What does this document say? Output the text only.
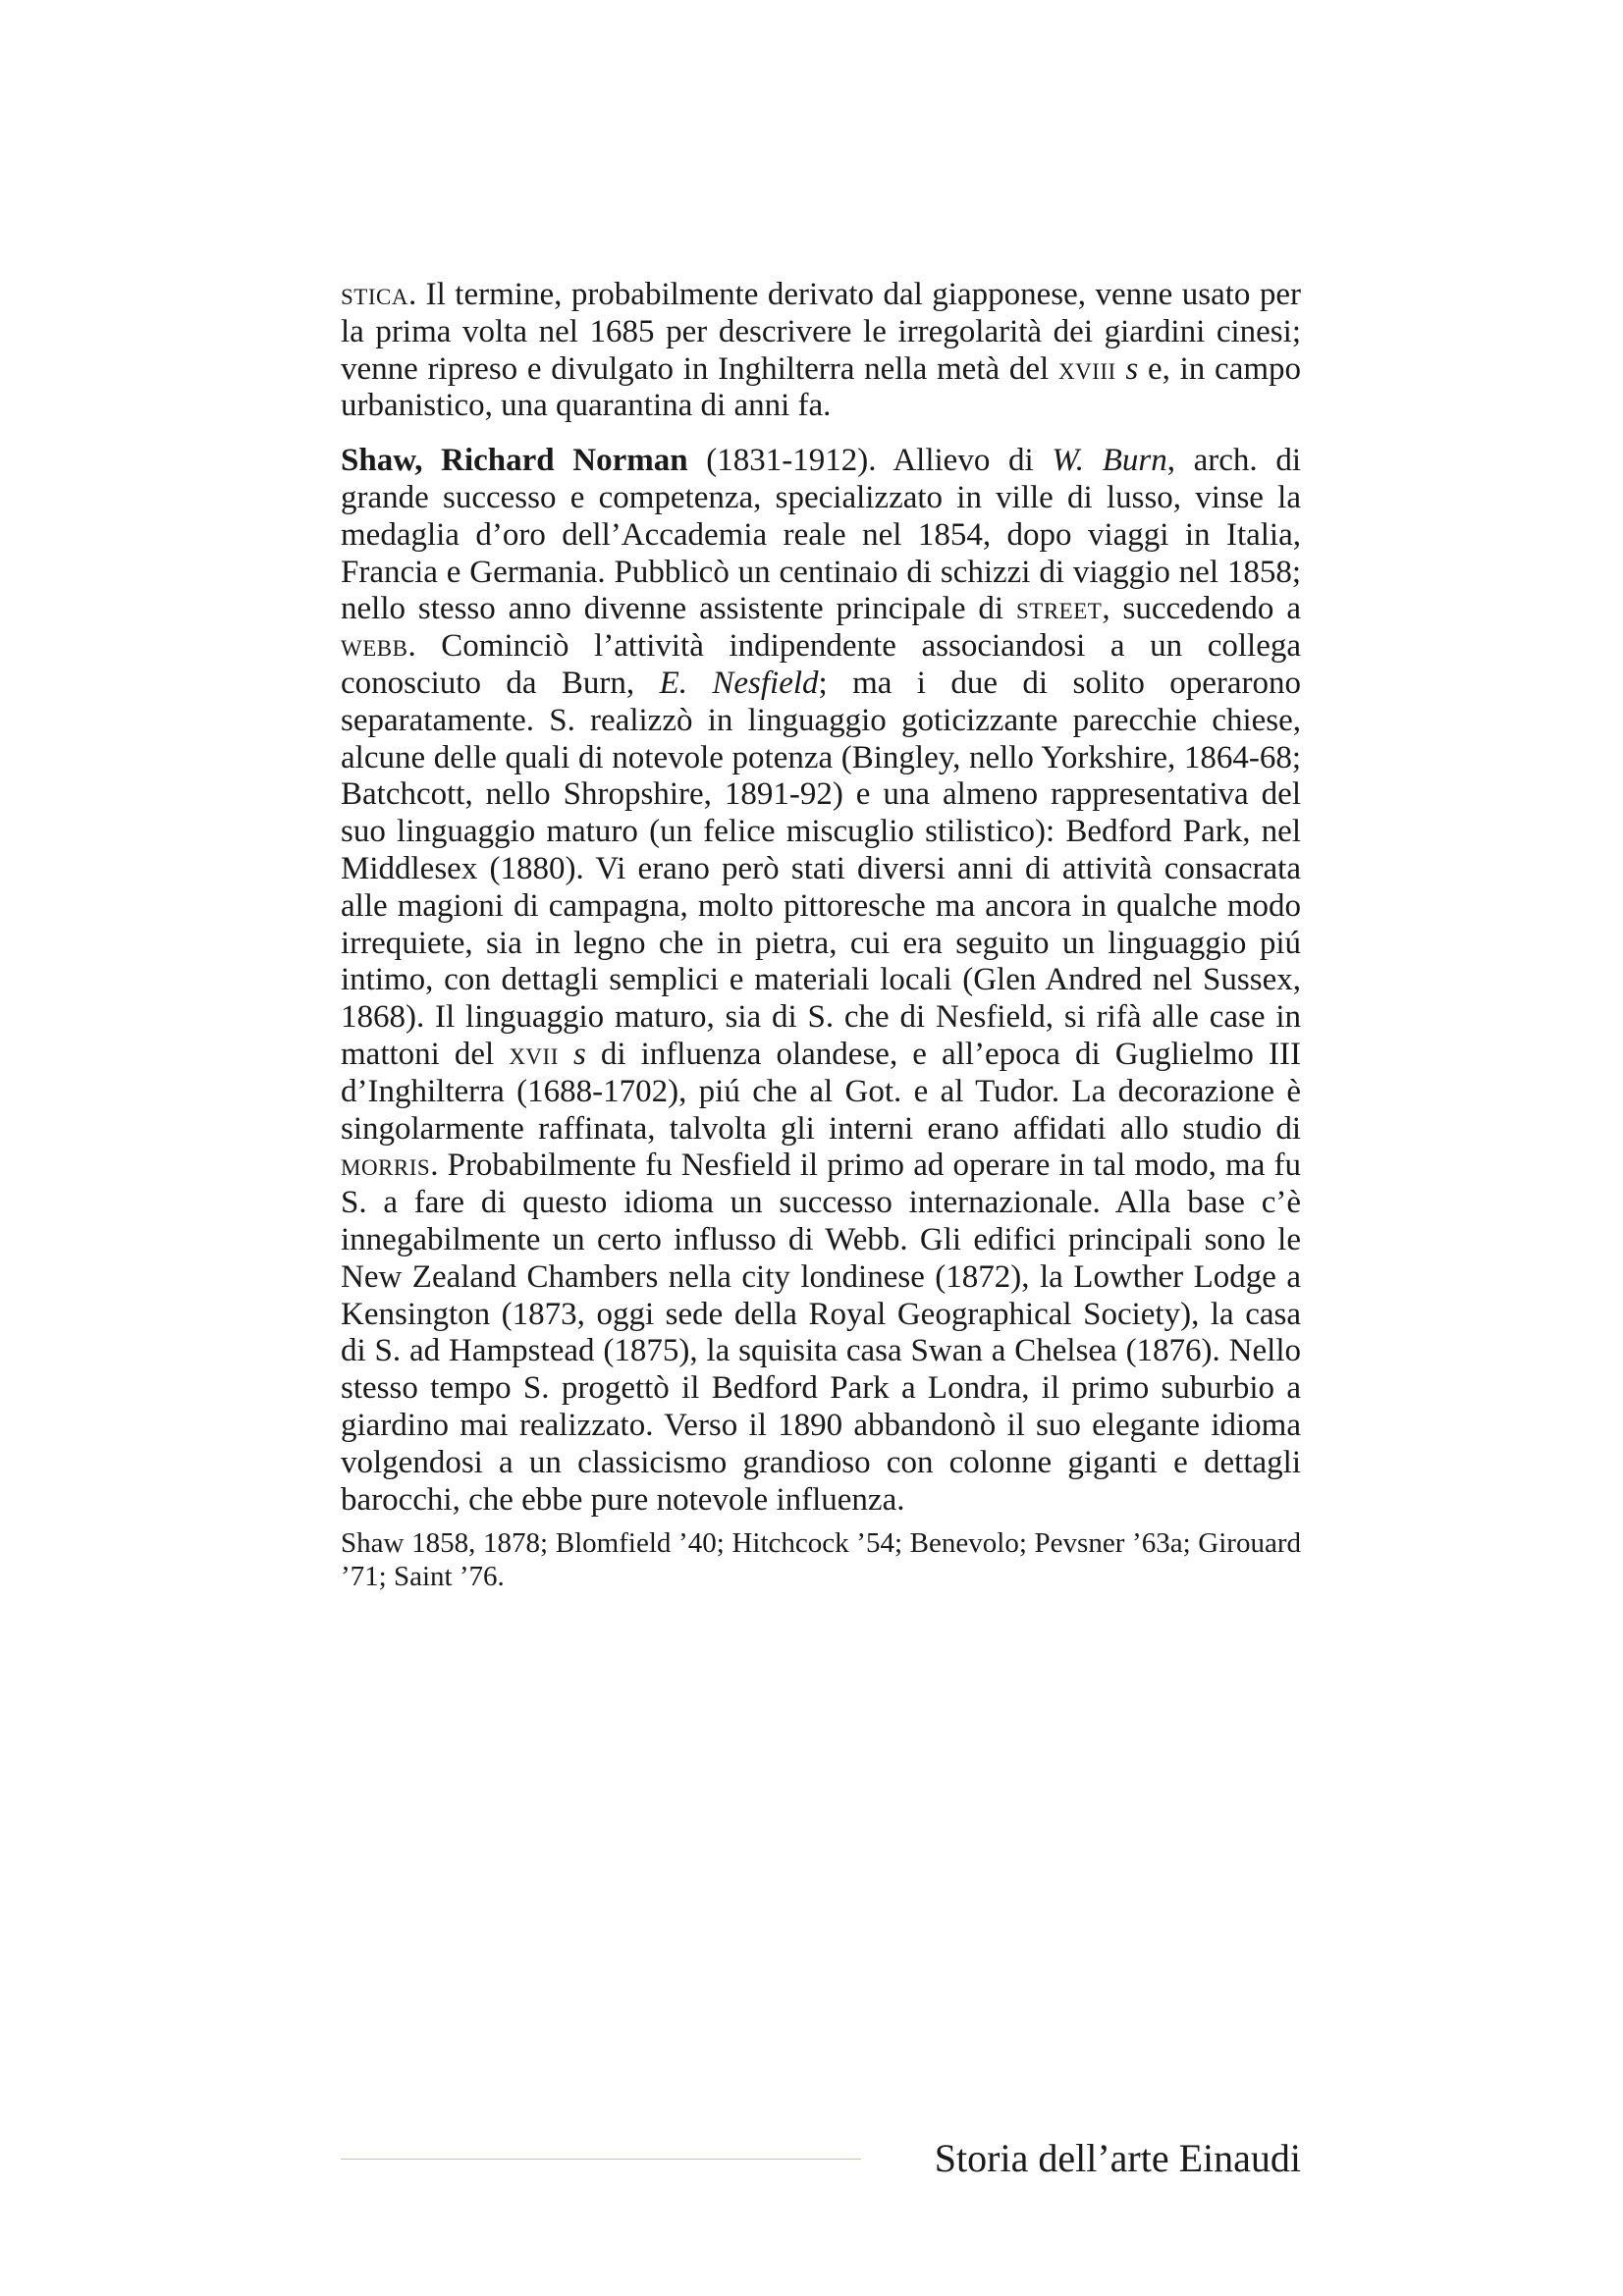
stica. Il termine, probabilmente derivato dal giapponese, venne usato per la prima volta nel 1685 per descrivere le irregolarità dei giardini cinesi; venne ripreso e divulgato in Inghilterra nella metà del xviii s e, in campo urbanistico, una quarantina di anni fa.

Shaw, Richard Norman (1831-1912). Allievo di W. Burn, arch. di grande successo e competenza, specializzato in ville di lusso, vinse la medaglia d’oro dell’Accademia reale nel 1854, dopo viaggi in Italia, Francia e Germania. Pubblicò un centinaio di schizzi di viaggio nel 1858; nello stesso anno divenne assistente principale di street, succedendo a webb. Cominciò l’attività indipendente associandosi a un collega conosciuto da Burn, E. Nesfield; ma i due di solito operarono separatamente. S. realizzò in linguaggio goticizzante parecchie chiese, alcune delle quali di notevole potenza (Bingley, nello Yorkshire, 1864-68; Batchcott, nello Shropshire, 1891-92) e una almeno rappresentativa del suo linguaggio maturo (un felice miscuglio stilistico): Bedford Park, nel Middlesex (1880). Vi erano però stati diversi anni di attività consacrata alle magioni di campagna, molto pittoresche ma ancora in qualche modo irrequiete, sia in legno che in pietra, cui era seguito un linguaggio piú intimo, con dettagli semplici e materiali locali (Glen Andred nel Sussex, 1868). Il linguaggio maturo, sia di S. che di Nesfield, si rifà alle case in mattoni del xvii s di influenza olandese, e all’epoca di Guglielmo III d’Inghilterra (1688-1702), piú che al Got. e al Tudor. La decorazione è singolarmente raffinata, talvolta gli interni erano affidati allo studio di morris. Probabilmente fu Nesfield il primo ad operare in tal modo, ma fu S. a fare di questo idioma un successo internazionale. Alla base c’è innegabilmente un certo influsso di Webb. Gli edifici principali sono le New Zealand Chambers nella city londinese (1872), la Lowther Lodge a Kensington (1873, oggi sede della Royal Geographical Society), la casa di S. ad Hampstead (1875), la squisita casa Swan a Chelsea (1876). Nello stesso tempo S. progettò il Bedford Park a Londra, il primo suburbio a giardino mai realizzato. Verso il 1890 abbandonò il suo elegante idioma volgendosi a un classicismo grandioso con colonne giganti e dettagli barocchi, che ebbe pure notevole influenza.

Shaw 1858, 1878; Blomfield ’40; Hitchcock ’54; Benevolo; Pevsner ’63a; Girouard ’71; Saint ’76.

Storia dell’arte Einaudi
